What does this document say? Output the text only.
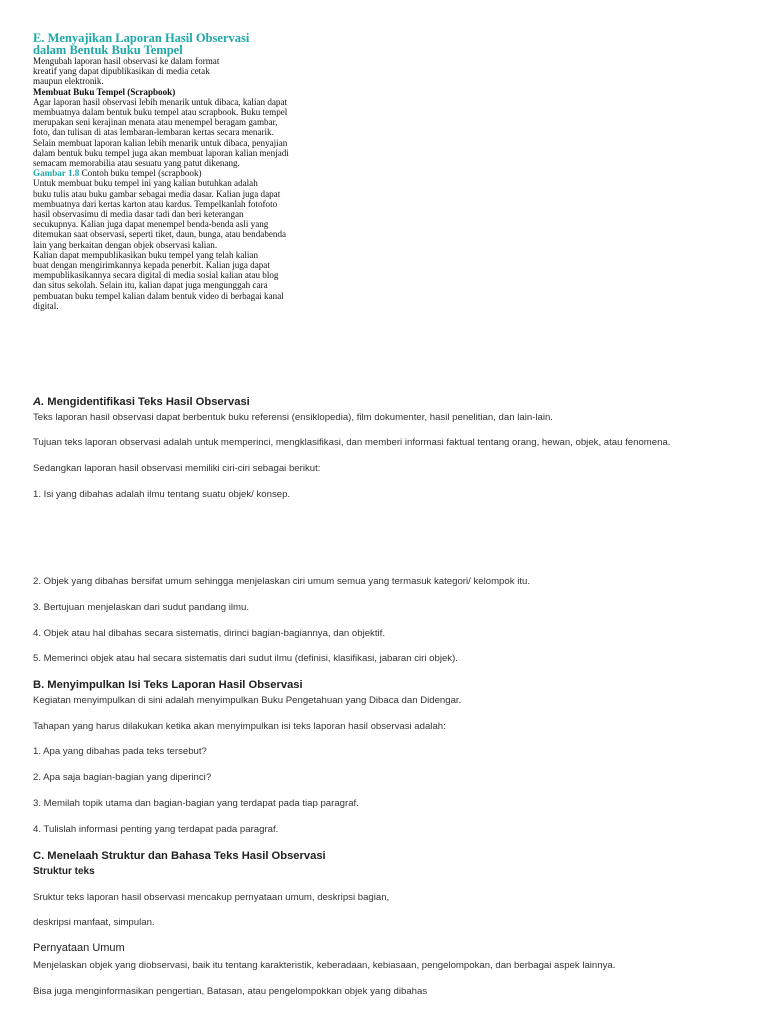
E. Menyajikan Laporan Hasil Observasi
dalam Bentuk Buku Tempel

Mengubah laporan hasil observasi ke dalam format
kreatif yang dapat dipublikasikan di media cetak
maupun elektronik.

Membuat Buku Tempel (Scrapbook)

Agar laporan hasil observasi lebih menarik untuk dibaca, kalian dapat
membuatnya dalam bentuk buku tempel atau scrapbook. Buku tempel
merupakan seni kerajinan menata atau menempel beragam gambar,
foto, dan tulisan di atas lembaran-lembaran kertas secara menarik.
Selain membuat laporan kalian lebih menarik untuk dibaca, penyajian
dalam bentuk buku tempel juga akan membuat laporan kalian menjadi
semacam memorabilia atau sesuatu yang patut dikenang.

Gambar 1.8 Contoh buku tempel (scrapbook)

Untuk membuat buku tempel ini yang kalian butuhkan adalah
buku tulis atau buku gambar sebagai media dasar. Kalian juga dapat
membuatnya dari kertas karton atau kardus. Tempelkanlah fotofoto
hasil observasimu di media dasar tadi dan beri keterangan
secukupnya. Kalian juga dapat menempel benda-benda asli yang
ditemukan saat observasi, seperti tiket, daun, bunga, atau bendabenda
lain yang berkaitan dengan objek observasi kalian.
Kalian dapat mempublikasikan buku tempel yang telah kalian
buat dengan mengirimkannya kepada penerbit. Kalian juga dapat
mempublikasikannya secara digital di media sosial kalian atau blog
dan situs sekolah. Selain itu, kalian dapat juga mengunggah cara
pembuatan buku tempel kalian dalam bentuk video di berbagai kanal
digital.

A. Mengidentifikasi Teks Hasil Observasi
Teks laporan hasil observasi dapat berbentuk buku referensi (ensiklopedia), film dokumenter, hasil penelitian, dan lain-lain.
Tujuan teks laporan observasi adalah untuk memperinci, mengklasifikasi, dan memberi informasi faktual tentang orang, hewan, objek, atau fenomena.
Sedangkan laporan hasil observasi memiliki ciri-ciri sebagai berikut:
1. Isi yang dibahas adalah ilmu tentang suatu objek/ konsep.
2. Objek yang dibahas bersifat umum sehingga menjelaskan ciri umum semua yang termasuk kategori/ kelompok itu.
3. Bertujuan menjelaskan dari sudut pandang ilmu.
4. Objek atau hal dibahas secara sistematis, dirinci bagian-bagiannya, dan objektif.
5. Memerinci objek atau hal secara sistematis dari sudut ilmu (definisi, klasifikasi, jabaran ciri objek).
B. Menyimpulkan Isi Teks Laporan Hasil Observasi
Kegiatan menyimpulkan di sini adalah menyimpulkan Buku Pengetahuan yang Dibaca dan Didengar.
Tahapan yang harus dilakukan ketika akan menyimpulkan isi teks laporan hasil observasi adalah:
1. Apa yang dibahas pada teks tersebut?
2. Apa saja bagian-bagian yang diperinci?
3. Memilah topik utama dan bagian-bagian yang terdapat pada tiap paragraf.
4. Tulislah informasi penting yang terdapat pada paragraf.
C. Menelaah Struktur dan Bahasa Teks Hasil Observasi
Struktur teks
Sruktur teks laporan hasil observasi mencakup pernyataan umum, deskripsi bagian,
deskripsi manfaat, simpulan.
Pernyataan Umum
Menjelaskan objek yang diobservasi, baik itu tentang karakteristik, keberadaan, kebiasaan, pengelompokan, dan berbagai aspek lainnya.
Bisa juga menginformasikan pengertian, Batasan, atau pengelompokkan objek yang dibahas
